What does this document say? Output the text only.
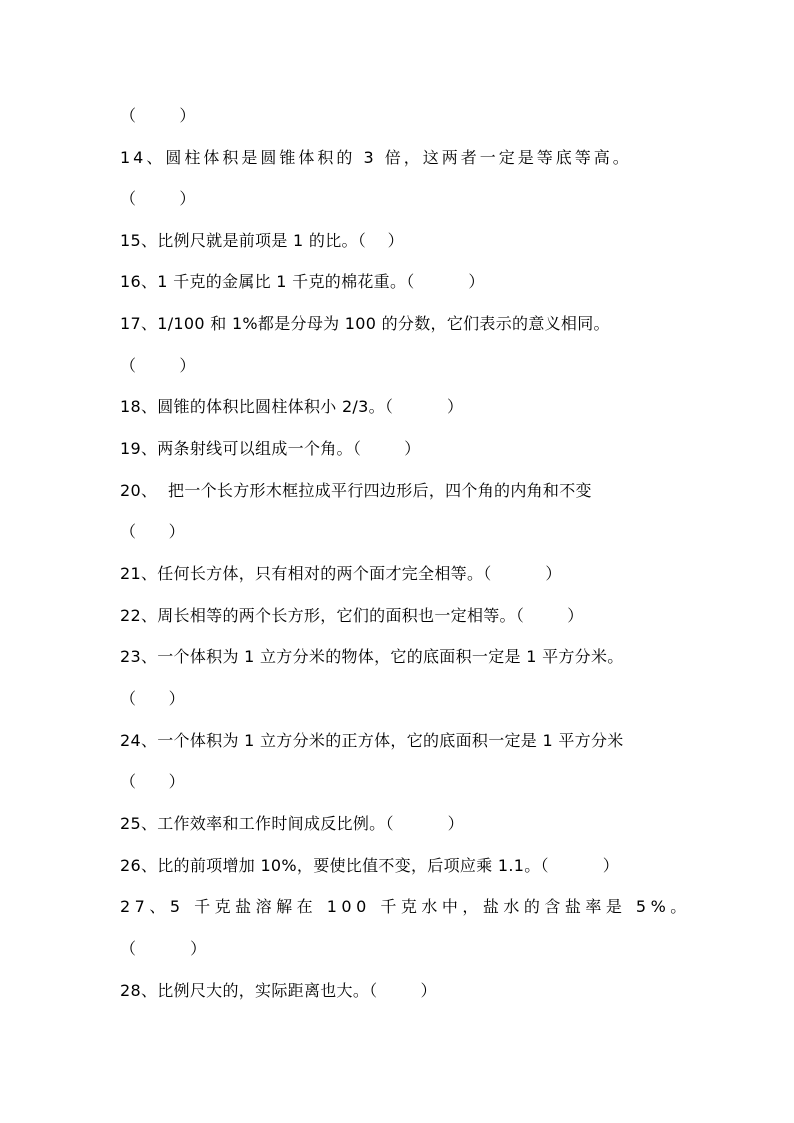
（        ）
14、圆柱体积是圆锥体积的 3 倍，这两者一定是等底等高。
（        ）
15、比例尺就是前项是 1 的比。（    ）
16、1 千克的金属比 1 千克的棉花重。（          ）
17、1/100 和 1%都是分母为 100 的分数，它们表示的意义相同。
（        ）
18、圆锥的体积比圆柱体积小 2/3。（          ）
19、两条射线可以组成一个角。（        ）
20、  把一个长方形木框拉成平行四边形后，四个角的内角和不变
（      ）
21、任何长方体，只有相对的两个面才完全相等。（          ）
22、周长相等的两个长方形，它们的面积也一定相等。（        ）
23、一个体积为 1 立方分米的物体，它的底面积一定是 1 平方分米。
（      ）
24、一个体积为 1 立方分米的正方体，它的底面积一定是 1 平方分米
（      ）
25、工作效率和工作时间成反比例。（          ）
26、比的前项增加 10%，要使比值不变，后项应乘 1.1。（          ）
27、5 千克盐溶解在 100 千克水中，盐水的含盐率是 5%。
（          ）
28、比例尺大的，实际距离也大。（        ）
